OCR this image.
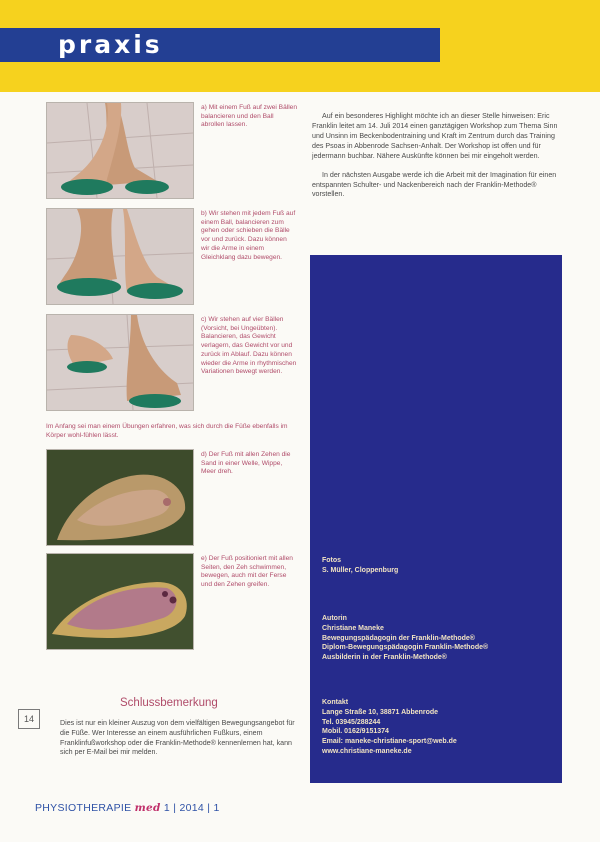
praxis
a) Mit einem Fuß auf zwei Bällen balancieren und den Ball abrollen lassen.
b) Wir stehen mit jedem Fuß auf einem Ball, balancieren zum gehen oder schieben die Bälle vor und zurück. Dazu können wir die Arme in einem Gleichklang dazu bewegen.
c) Wir stehen auf vier Bällen (Vorsicht, bei Ungeübten). Balancieren, das Gewicht verlagern, das Gewicht vor und zurück im Ablauf. Dazu können wieder die Arme in rhythmischen Variationen bewegt werden.
Im Anfang sei man einem Übungen erfahren, was sich durch die Füße ebenfalls im Körper wohl-fühlen lässt.
d) Der Fuß mit allen Zehen die Sand in einer Welle, Wippe, Meer dreh.
e) Der Fuß positioniert mit allen Seiten, den Zeh schwimmen, bewegen, auch mit der Ferse und den Zehen greifen.
Schlussbemerkung
Dies ist nur ein kleiner Auszug von dem vielfältigen Bewegungsangebot für die Füße. Wer Interesse an einem ausführlichen Fußkurs, einem Franklinfußworkshop oder die Franklin-Methode® kennenlernen hat, kann sich per E-Mail bei mir melden.
14
PHYSIOTHERAPIE med 1 | 2014 | 1

Auf ein besonderes Highlight möchte ich an dieser Stelle hinweisen: Eric Franklin leitet am 14. Juli 2014 einen ganztägigen Workshop zum Thema Sinn und Unsinn im Beckenbodentraining und Kraft im Zentrum durch das Training des Psoas in Abbenrode Sachsen-Anhalt. Der Workshop ist offen und für jedermann buchbar. Nähere Auskünfte können bei mir eingeholt werden.

In der nächsten Ausgabe werde ich die Arbeit mit der Imagination für einen entspannten Schulter- und Nackenbereich nach der Franklin-Methode® vorstellen.

Fotos
S. Müller, Cloppenburg
Autorin
Christiane Maneke
Bewegungspädagogin der Franklin-Methode®
Diplom-Bewegungspädagogin Franklin-Methode®
Ausbilderin in der Franklin-Methode®
Kontakt
Lange Straße 10, 38871 Abbenrode
Tel. 03945/288244
Mobil. 0162/9151374
Email: maneke-christiane-sport@web.de
www.christiane-maneke.de
